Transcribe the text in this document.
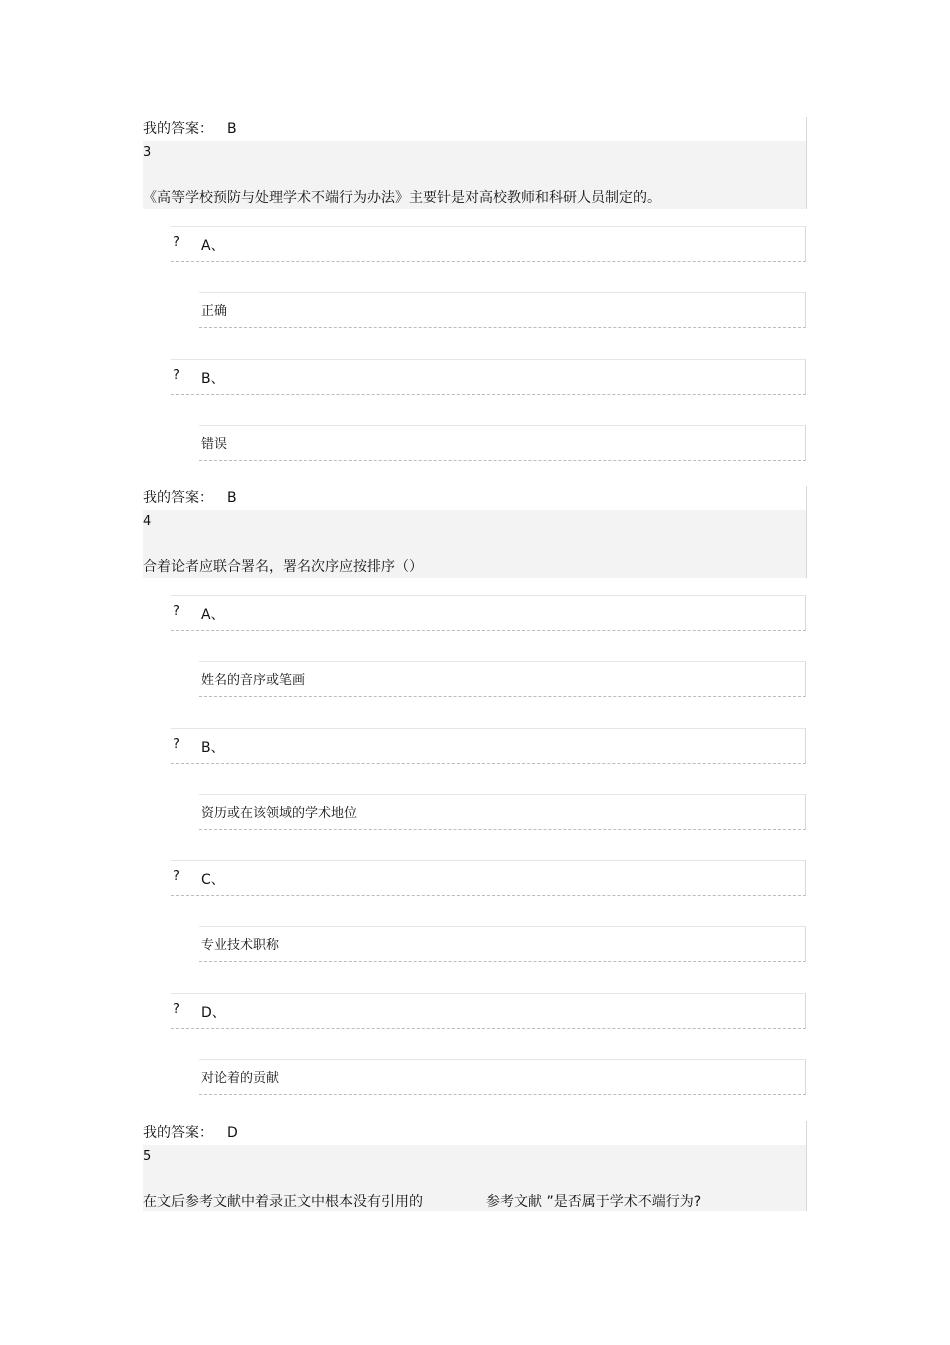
我的答案： B
3
《高等学校预防与处理学术不端行为办法》主要针是对高校教师和科研人员制定的。
? A、
正确
? B、
错误
我的答案： B
4
合着论者应联合署名，署名次序应按排序（）
? A、
姓名的音序或笔画
? B、
资历或在该领域的学术地位
? C、
专业技术职称
? D、
对论着的贡献
我的答案： D
5
在文后参考文献中着录正文中根本没有引用的	参考文献 ”是否属于学术不端行为?
